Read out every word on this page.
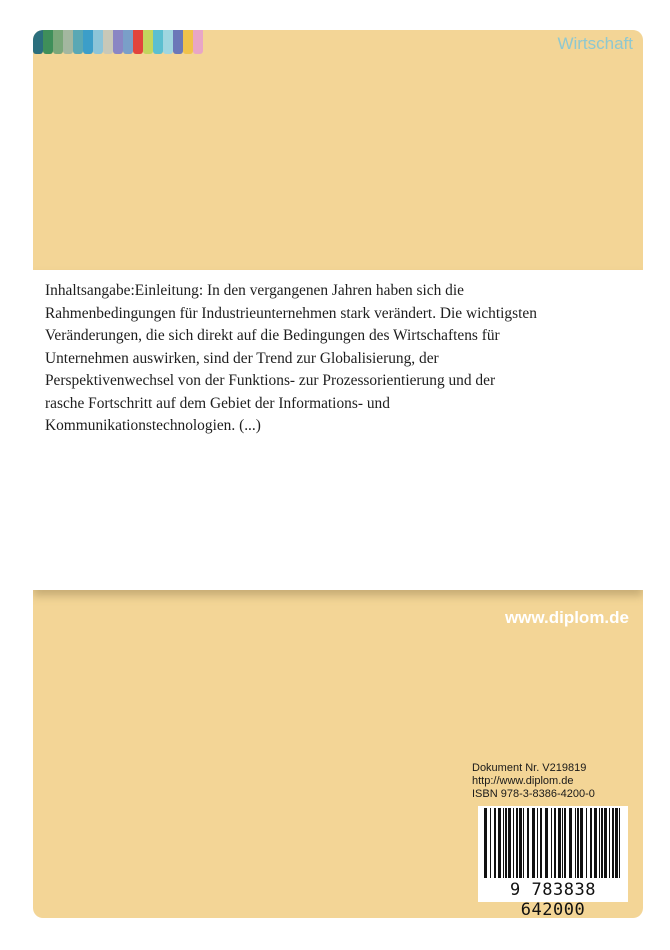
Wirtschaft
Inhaltsangabe:Einleitung: In den vergangenen Jahren haben sich die
Rahmenbedingungen für Industrieunternehmen stark verändert. Die wichtigsten
Veränderungen, die sich direkt auf die Bedingungen des Wirtschaftens für
Unternehmen auswirken, sind der Trend zur Globalisierung, der
Perspektivenwechsel von der Funktions- zur Prozessorientierung und der
rasche Fortschritt auf dem Gebiet der Informations- und
Kommunikationstechnologien. (...)
www.diplom.de
Dokument Nr. V219819
http://www.diplom.de
ISBN 978-3-8386-4200-0
9 783838 642000
